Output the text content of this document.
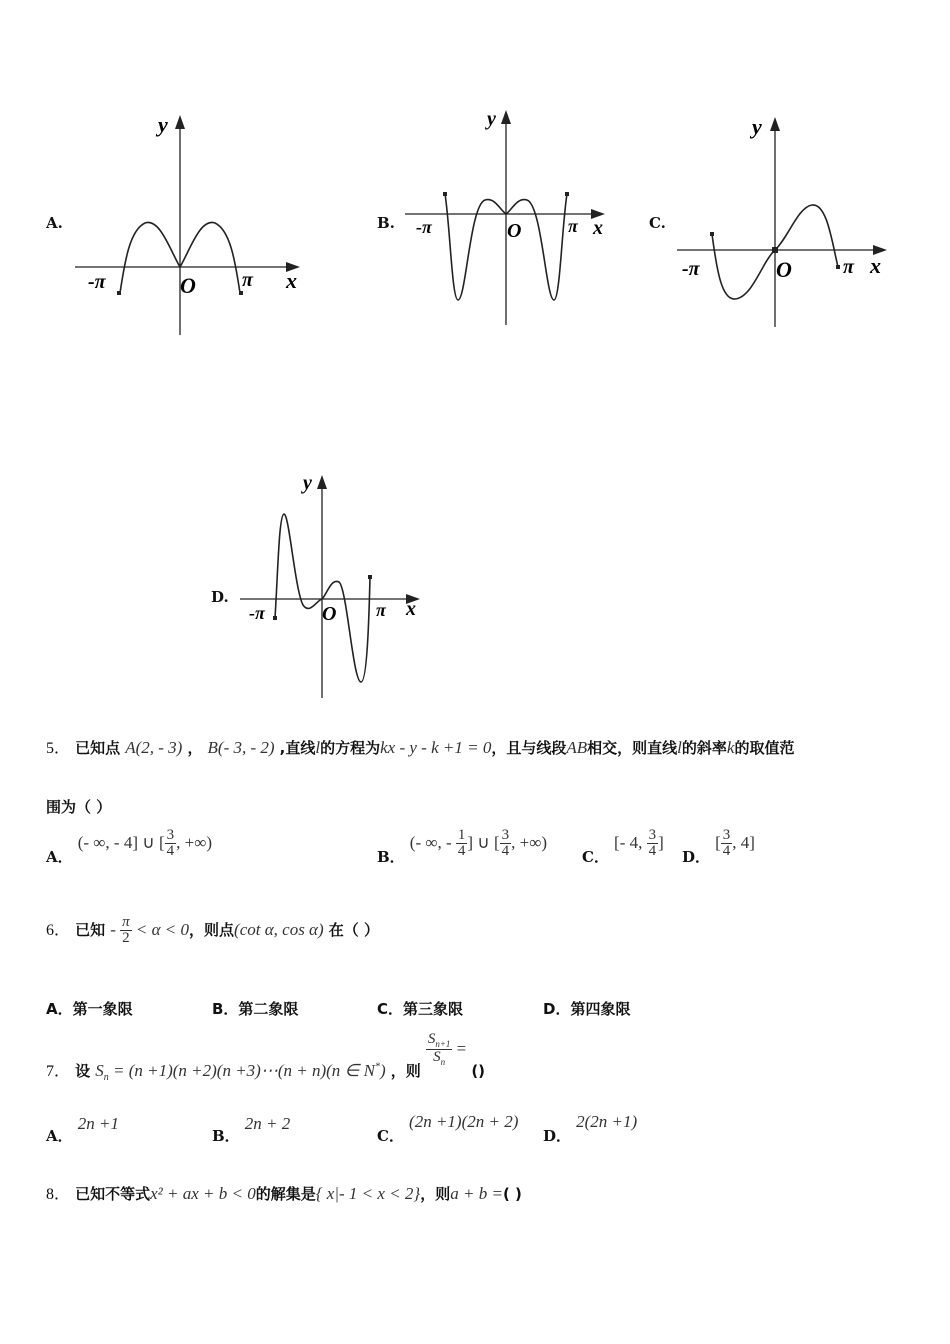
A.
-π	π
O	x
y
B. -π	π
O	x
y
C.
-π	π
O	x
y
D.
-π	π
O	x
y
5． 已知点 A(2, - 3) ， B(- 3, - 2) ,直线l的方程为kx - y - k +1 = 0，且与线段AB相交，则直线l的斜率k的取值范
围为（ ）
A． (- ∞, - 4] ∪ [ $\frac{3}{4}$ , +∞)
B． (- ∞, - $\frac{1}{4}$ ] ∪ [ $\frac{3}{4}$ , +∞)
C． [- 4, $\frac{3}{4}$ ]
D． [ $\frac{3}{4}$ , 4]
6． 已知 - $\frac{\pi}{2} < \alpha < 0$，则点(cot α, cos α) 在（ ）
A．第一象限	B．第二象限	C．第三象限	D．第四象限
7． 设 $S_n = (n +1)(n +2)(n$ +3)⋯(n + n)(n ∈ N*) ，则
$\frac{S_{n+1}}{S_n}$ = ()
A． 2n +1
B． 2n + 2
C． (2n +1)(2n + 2)
D． 2(2n +1)
8． 已知不等式x² + ax + b < 0的解集是{ x|- 1 < x < 2}，则a + b =( )
